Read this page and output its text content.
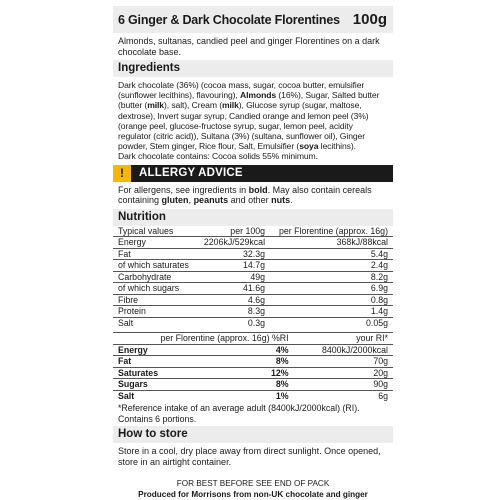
6 Ginger & Dark Chocolate Florentines 100g
Almonds, sultanas, candied peel and ginger Florentines on a dark chocolate base.
Ingredients

Dark chocolate (36%) (cocoa mass, sugar, cocoa butter, emulsifier (sunflower lecithins), flavouring), Almonds (16%), Sugar, Salted butter (butter (milk), salt), Cream (milk), Glucose syrup (sugar, maltose, dextrose), Invert sugar syrup, Candied orange and lemon peel (3%) (orange peel, glucose-fructose syrup, sugar, lemon peel, acidity regulator (citric acid)), Sultana (3%) (sultana, sunflower oil), Ginger powder, Stem ginger, Rice flour, Salt, Emulsifier (soya lecithins).

Dark chocolate contains: Cocoa solids 55% minimum.

!	ALLERGY ADVICE
For allergens, see ingredients in bold. May also contain cereals containing gluten, peanuts and other nuts.
Nutrition
Typical values	per 100g	per Florentine (approx. 16g)
Energy	2206kJ/529kcal	368kJ/88kcal
Fat	32.3g	5.4g
of which saturates	14.7g	2.4g
Carbohydrate	49g	8.2g
of which sugars	41.6g	6.9g
Fibre	4.6g	0.8g
Protein	8.3g	1.4g
Salt	0.3g	0.05g
per Florentine (approx. 16g) %RI		your RI*
Energy	4%	8400kJ/2000kcal
Fat	8%	70g
Saturates	12%	20g
Sugars	8%	90g
Salt	1%	6g
*Reference intake of an average adult (8400kJ/2000kcal) (RI).
Contains 6 portions.
How to store
Store in a cool, dry place away from direct sunlight. Once opened, store in an airtight container.
FOR BEST BEFORE SEE END OF PACK
Produced for Morrisons from non-UK chocolate and ginger
